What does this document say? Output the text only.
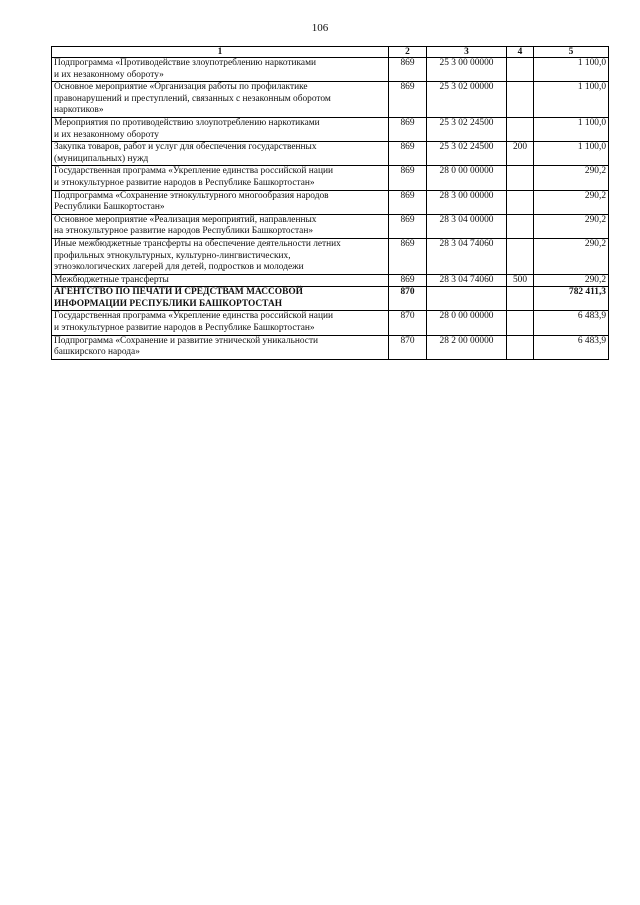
106
1	2	3	4	5
Подпрограмма «Противодействие злоупотреблению наркотиками
и их незаконному обороту»	869	25 3 00 00000		1 100,0
Основное мероприятие «Организация работы по профилактике
правонарушений и преступлений, связанных с незаконным оборотом
наркотиков»	869	25 3 02 00000		1 100,0
Мероприятия по противодействию злоупотреблению наркотиками
и их незаконному обороту	869	25 3 02 24500		1 100,0
Закупка товаров, работ и услуг для обеспечения государственных
(муниципальных) нужд	869	25 3 02 24500	200	1 100,0
Государственная программа «Укрепление единства российской нации
и этнокультурное развитие народов в Республике Башкортостан»	869	28 0 00 00000		290,2
Подпрограмма «Сохранение этнокультурного многообразия народов
Республики Башкортостан»	869	28 3 00 00000		290,2
Основное мероприятие «Реализация мероприятий, направленных
на этнокультурное развитие народов Республики Башкортостан»	869	28 3 04 00000		290,2
Иные межбюджетные трансферты на обеспечение деятельности летних
профильных этнокультурных, культурно-лингвистических,
этноэкологических лагерей для детей, подростков и молодежи	869	28 3 04 74060		290,2
Межбюджетные трансферты	869	28 3 04 74060	500	290,2
АГЕНТСТВО ПО ПЕЧАТИ И СРЕДСТВАМ МАССОВОЙ
ИНФОРМАЦИИ РЕСПУБЛИКИ БАШКОРТОСТАН	870			782 411,3
Государственная программа «Укрепление единства российской нации
и этнокультурное развитие народов в Республике Башкортостан»	870	28 0 00 00000		6 483,9
Подпрограмма «Сохранение и развитие этнической уникальности
башкирского народа»	870	28 2 00 00000		6 483,9
